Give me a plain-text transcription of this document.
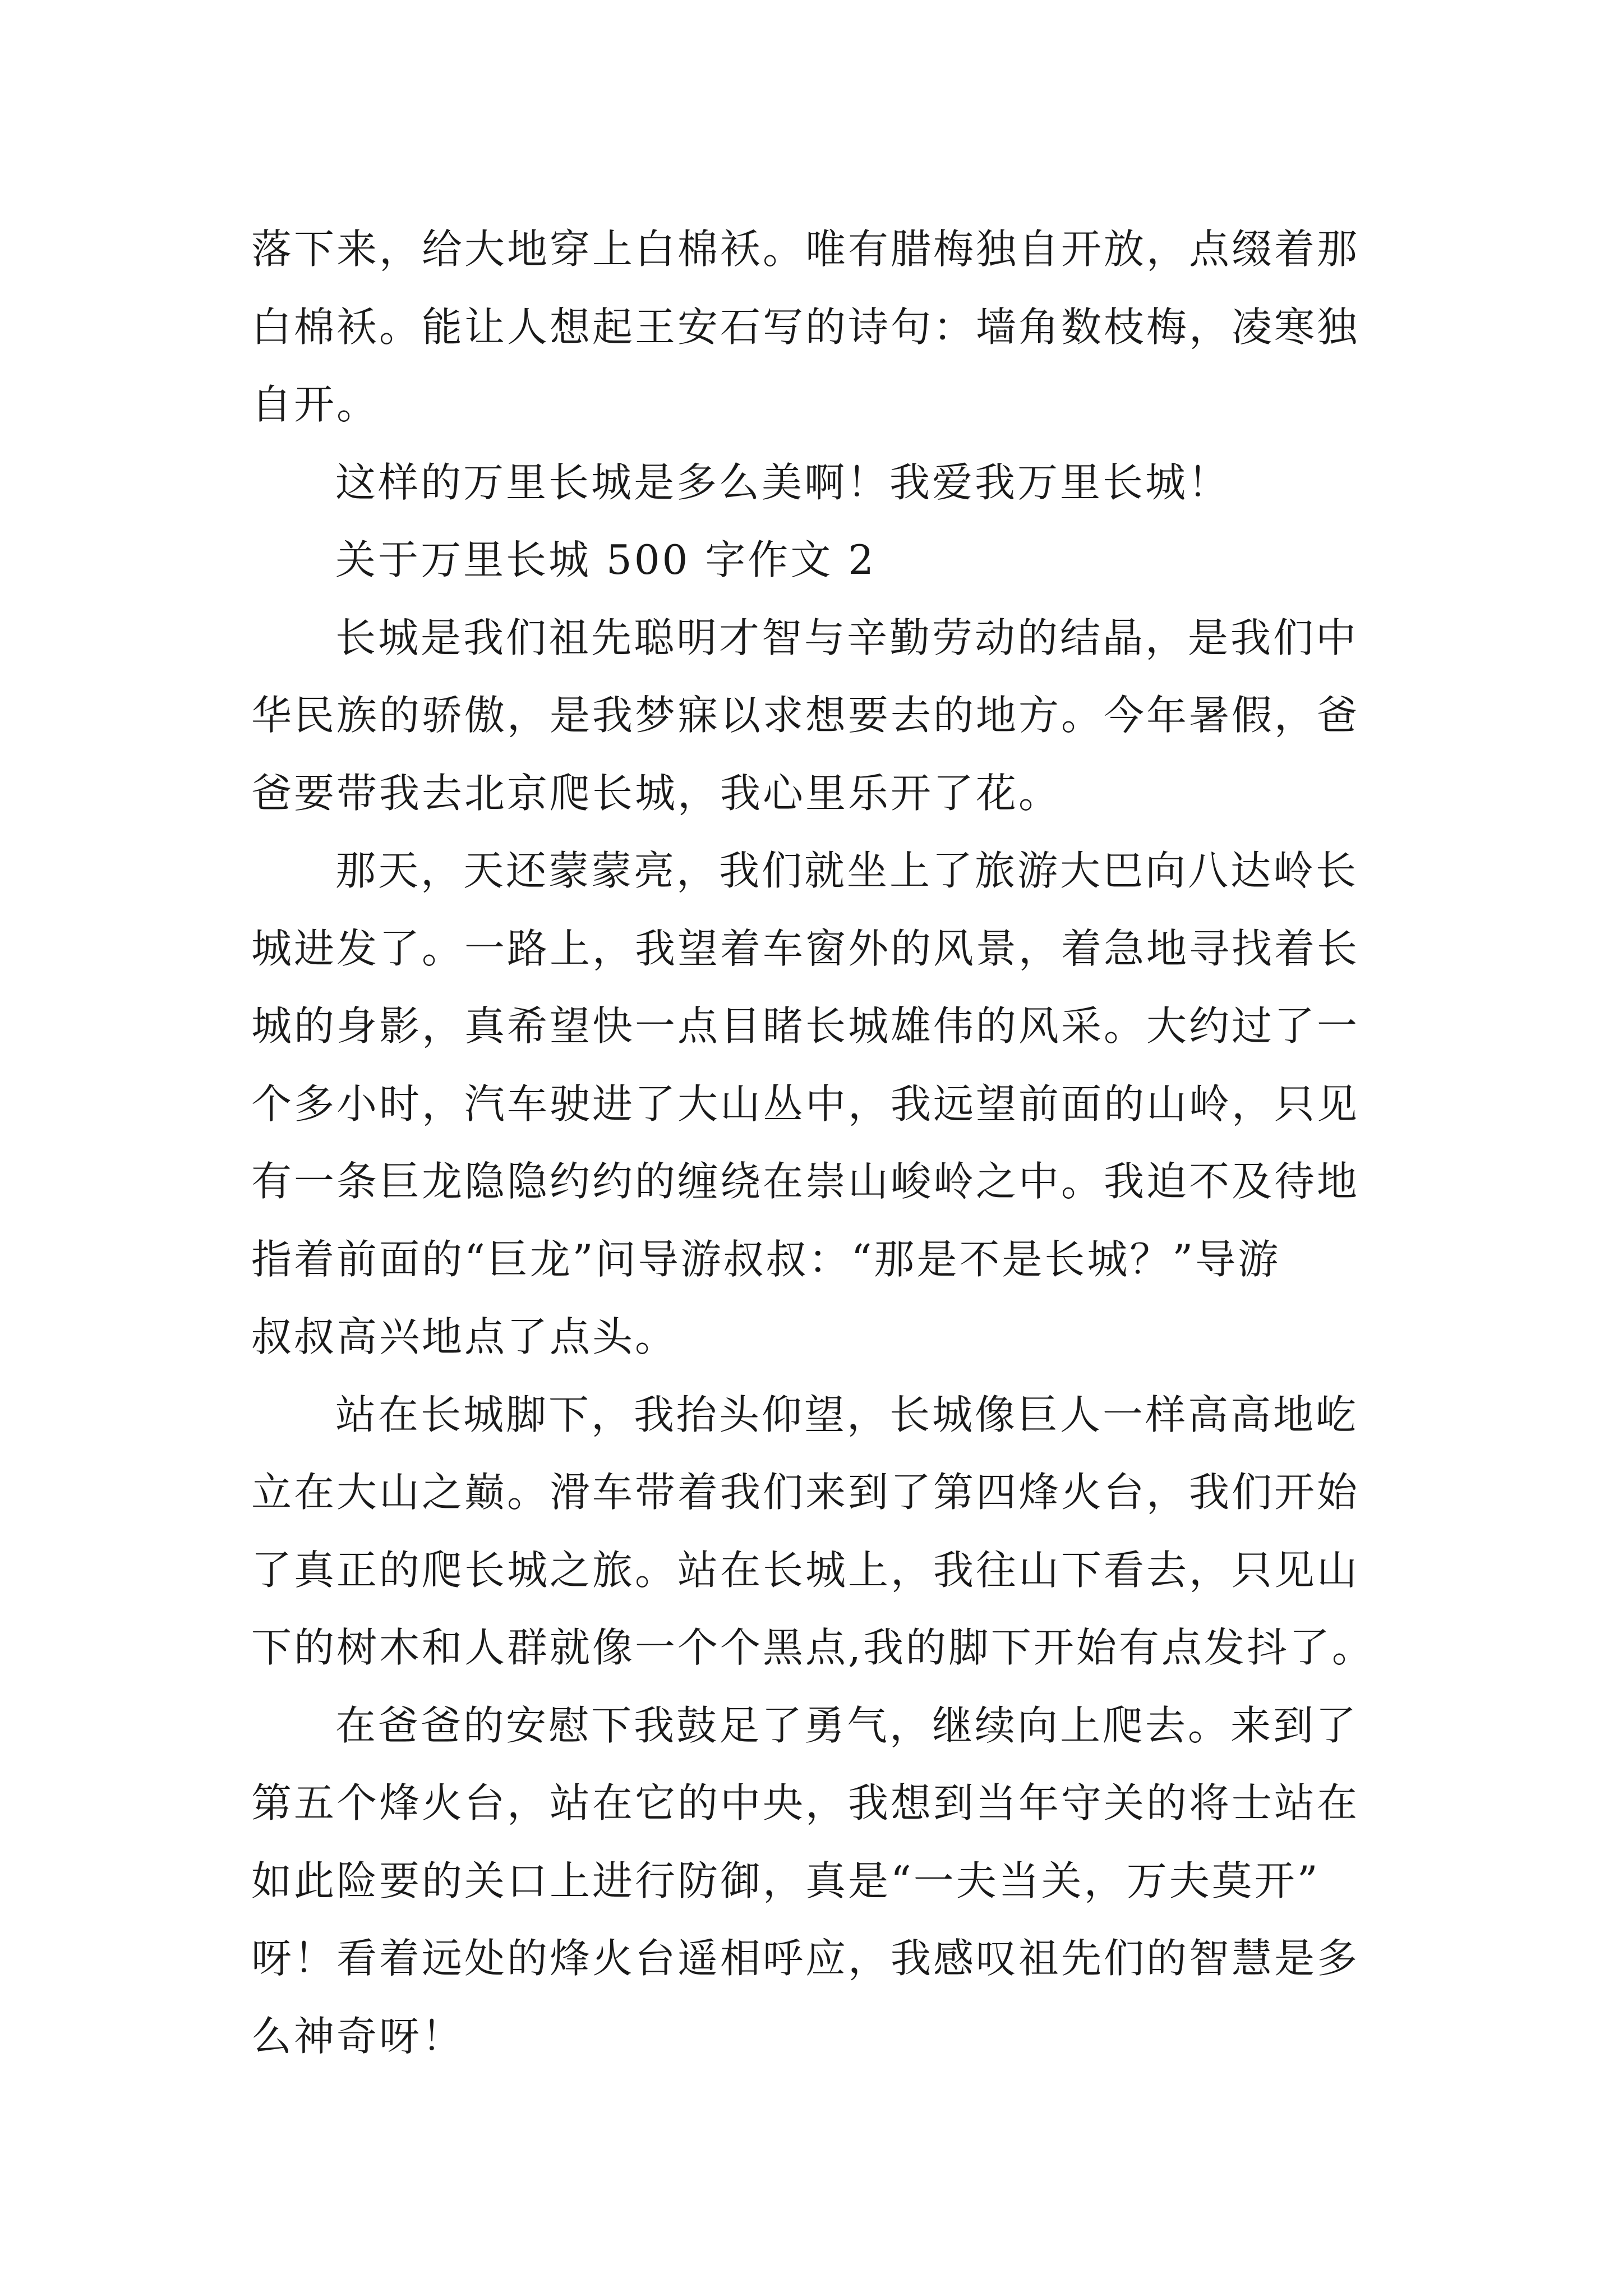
落下来，给大地穿上白棉袄。唯有腊梅独自开放，点缀着那
白棉袄。能让人想起王安石写的诗句：墙角数枝梅，凌寒独
自开。
这样的万里长城是多么美啊！我爱我万里长城！
关于万里长城 500 字作文 2
长城是我们祖先聪明才智与辛勤劳动的结晶，是我们中
华民族的骄傲，是我梦寐以求想要去的地方。今年暑假，爸
爸要带我去北京爬长城，我心里乐开了花。
那天，天还蒙蒙亮，我们就坐上了旅游大巴向八达岭长
城进发了。一路上，我望着车窗外的风景，着急地寻找着长
城的身影，真希望快一点目睹长城雄伟的风采。大约过了一
个多小时，汽车驶进了大山丛中，我远望前面的山岭，只见
有一条巨龙隐隐约约的缠绕在崇山峻岭之中。我迫不及待地
指着前面的“巨龙”问导游叔叔：“那是不是长城？”导游
叔叔高兴地点了点头。
站在长城脚下，我抬头仰望，长城像巨人一样高高地屹
立在大山之巅。滑车带着我们来到了第四烽火台，我们开始
了真正的爬长城之旅。站在长城上，我往山下看去，只见山
下的树木和人群就像一个个黑点,我的脚下开始有点发抖了。
在爸爸的安慰下我鼓足了勇气，继续向上爬去。来到了
第五个烽火台，站在它的中央，我想到当年守关的将士站在
如此险要的关口上进行防御，真是“一夫当关，万夫莫开”
呀！看着远处的烽火台遥相呼应，我感叹祖先们的智慧是多
么神奇呀！
